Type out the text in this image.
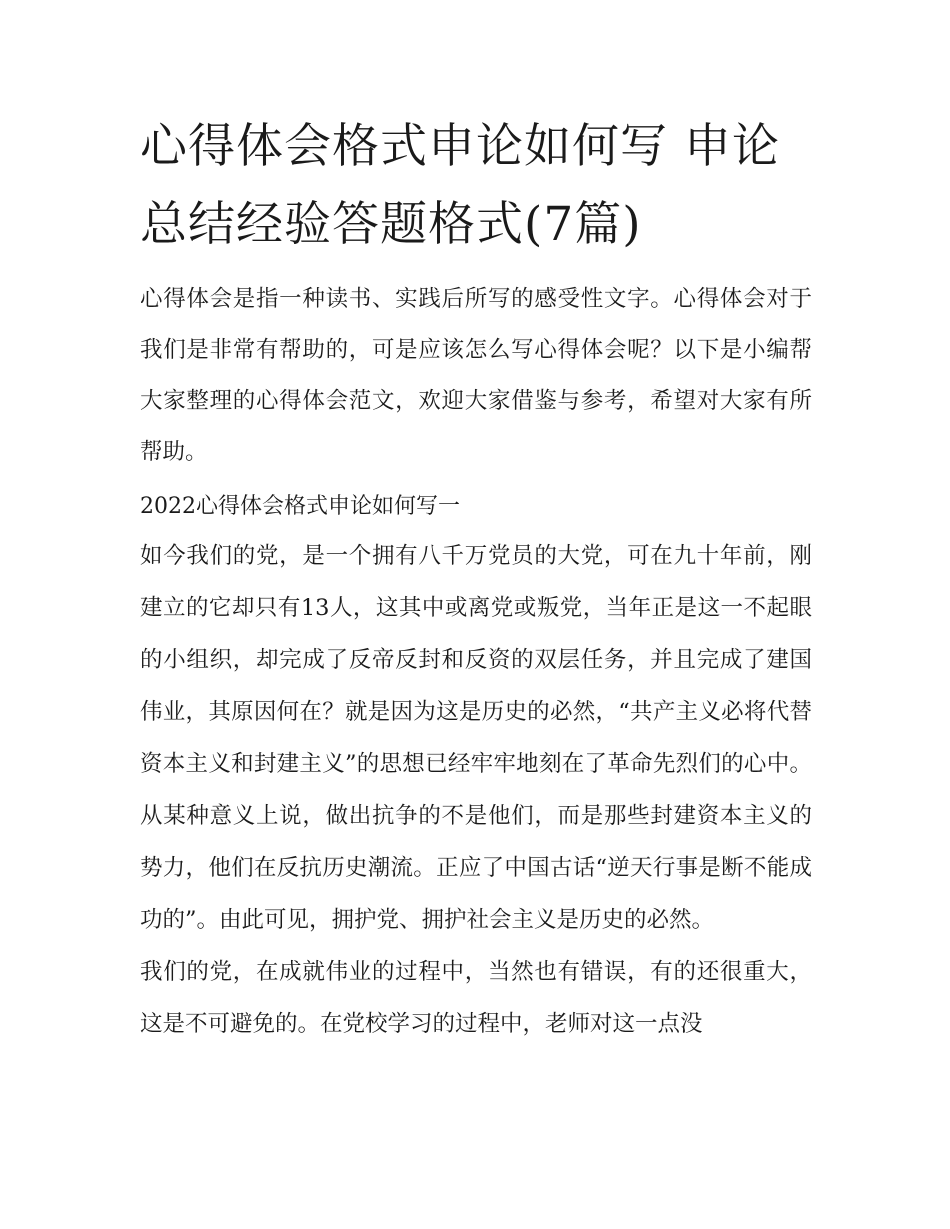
心得体会格式申论如何写 申论总结经验答题格式(7篇)

心得体会是指一种读书、实践后所写的感受性文字。心得体会对于我们是非常有帮助的，可是应该怎么写心得体会呢？以下是小编帮大家整理的心得体会范文，欢迎大家借鉴与参考，希望对大家有所帮助。

2022心得体会格式申论如何写一

如今我们的党，是一个拥有八千万党员的大党，可在九十年前，刚建立的它却只有13人，这其中或离党或叛党，当年正是这一不起眼的小组织，却完成了反帝反封和反资的双层任务，并且完成了建国伟业，其原因何在？就是因为这是历史的必然，“共产主义必将代替资本主义和封建主义”的思想已经牢牢地刻在了革命先烈们的心中。从某种意义上说，做出抗争的不是他们，而是那些封建资本主义的势力，他们在反抗历史潮流。正应了中国古话“逆天行事是断不能成功的”。由此可见，拥护党、拥护社会主义是历史的必然。

我们的党，在成就伟业的过程中，当然也有错误，有的还很重大，这是不可避免的。在党校学习的过程中，老师对这一点没
